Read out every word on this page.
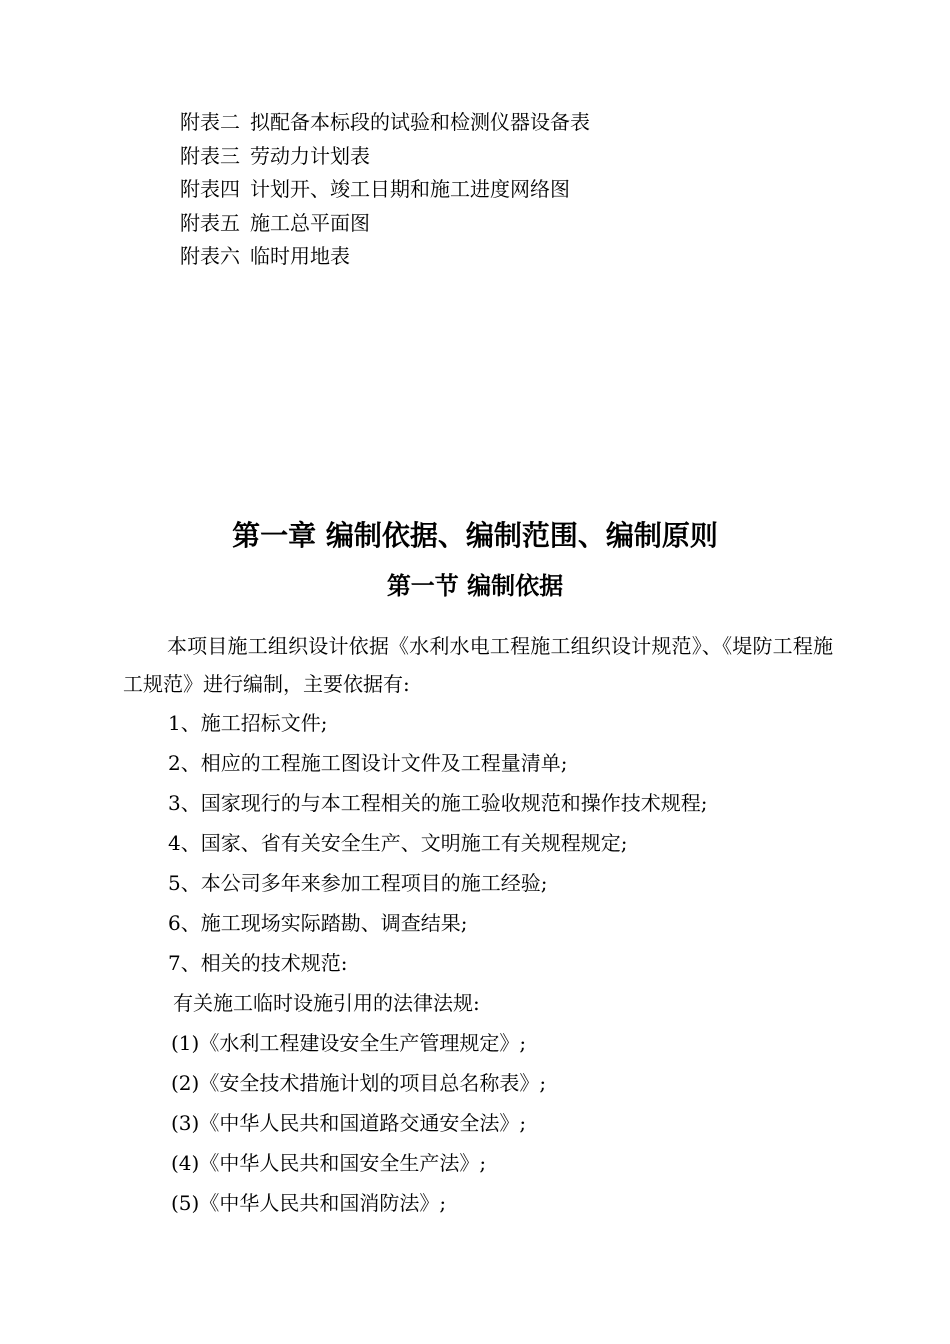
附表二 拟配备本标段的试验和检测仪器设备表
附表三 劳动力计划表
附表四 计划开、竣工日期和施工进度网络图
附表五 施工总平面图
附表六 临时用地表
第一章 编制依据、编制范围、编制原则
第一节 编制依据
本项目施工组织设计依据《水利水电工程施工组织设计规范》、《堤防工程施工规范》进行编制，主要依据有:
1、施工招标文件;
2、相应的工程施工图设计文件及工程量清单;
3、国家现行的与本工程相关的施工验收规范和操作技术规程;
4、国家、省有关安全生产、文明施工有关规程规定;
5、本公司多年来参加工程项目的施工经验;
6、施工现场实际踏勘、调查结果;
7、相关的技术规范:
有关施工临时设施引用的法律法规:
(1)《水利工程建设安全生产管理规定》;
(2)《安全技术措施计划的项目总名称表》;
(3)《中华人民共和国道路交通安全法》;
(4)《中华人民共和国安全生产法》;
(5)《中华人民共和国消防法》;
